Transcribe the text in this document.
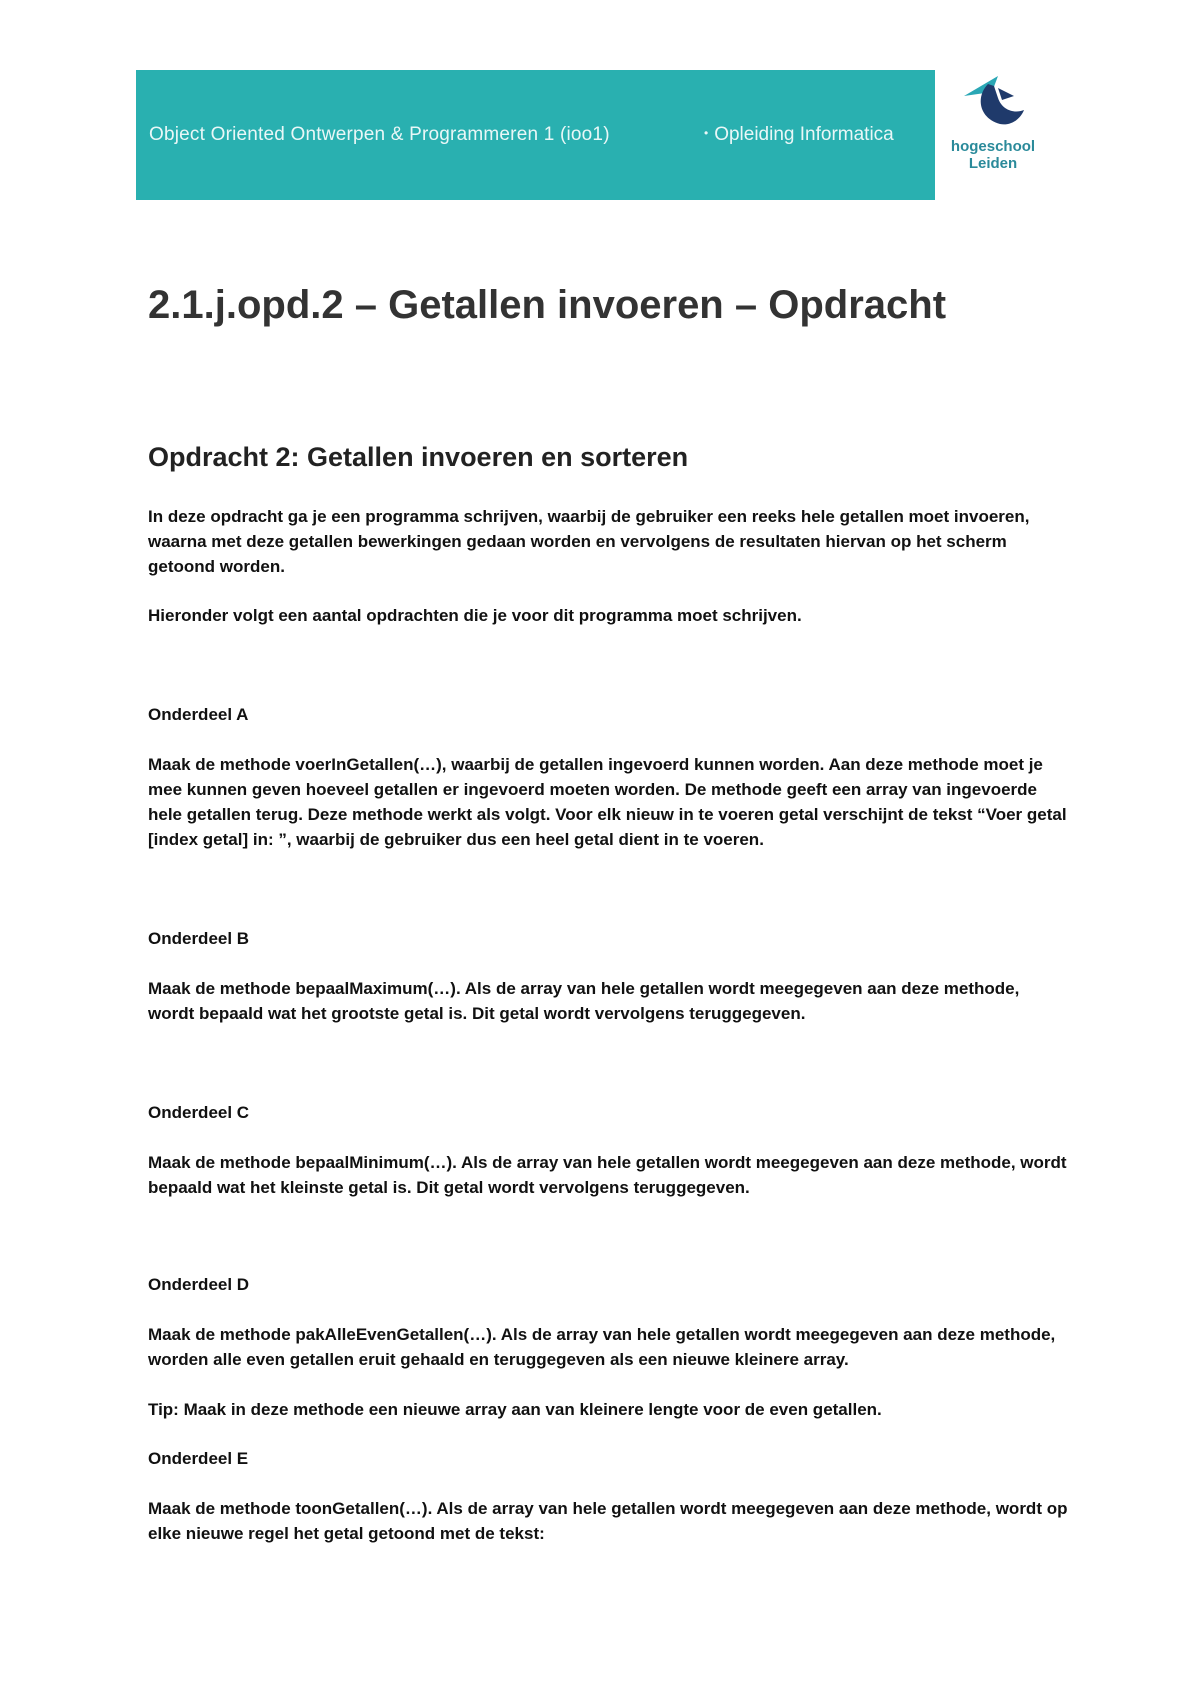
Object Oriented Ontwerpen & Programmeren 1 (ioo1)	• Opleiding Informatica
hogeschool
Leiden
2.1.j.opd.2 – Getallen invoeren – Opdracht
Opdracht 2: Getallen invoeren en sorteren

In deze opdracht ga je een programma schrijven, waarbij de gebruiker een reeks hele getallen moet invoeren, waarna met deze getallen bewerkingen gedaan worden en vervolgens de resultaten hiervan op het scherm getoond worden.

Hieronder volgt een aantal opdrachten die je voor dit programma moet schrijven.

Onderdeel A

Maak de methode voerInGetallen(…), waarbij de getallen ingevoerd kunnen worden. Aan deze methode moet je mee kunnen geven hoeveel getallen er ingevoerd moeten worden. De methode geeft een array van ingevoerde hele getallen terug. Deze methode werkt als volgt. Voor elk nieuw in te voeren getal verschijnt de tekst “Voer getal [index getal] in: ”, waarbij de gebruiker dus een heel getal dient in te voeren.

Onderdeel B

Maak de methode bepaalMaximum(…). Als de array van hele getallen wordt meegegeven aan deze methode, wordt bepaald wat het grootste getal is. Dit getal wordt vervolgens teruggegeven.

Onderdeel C

Maak de methode bepaalMinimum(…). Als de array van hele getallen wordt meegegeven aan deze methode, wordt bepaald wat het kleinste getal is. Dit getal wordt vervolgens teruggegeven.

Onderdeel D

Maak de methode pakAlleEvenGetallen(…). Als de array van hele getallen wordt meegegeven aan deze methode, worden alle even getallen eruit gehaald en teruggegeven als een nieuwe kleinere array.

Tip: Maak in deze methode een nieuwe array aan van kleinere lengte voor de even getallen.

Onderdeel E

Maak de methode toonGetallen(…). Als de array van hele getallen wordt meegegeven aan deze methode, wordt op elke nieuwe regel het getal getoond met de tekst:
